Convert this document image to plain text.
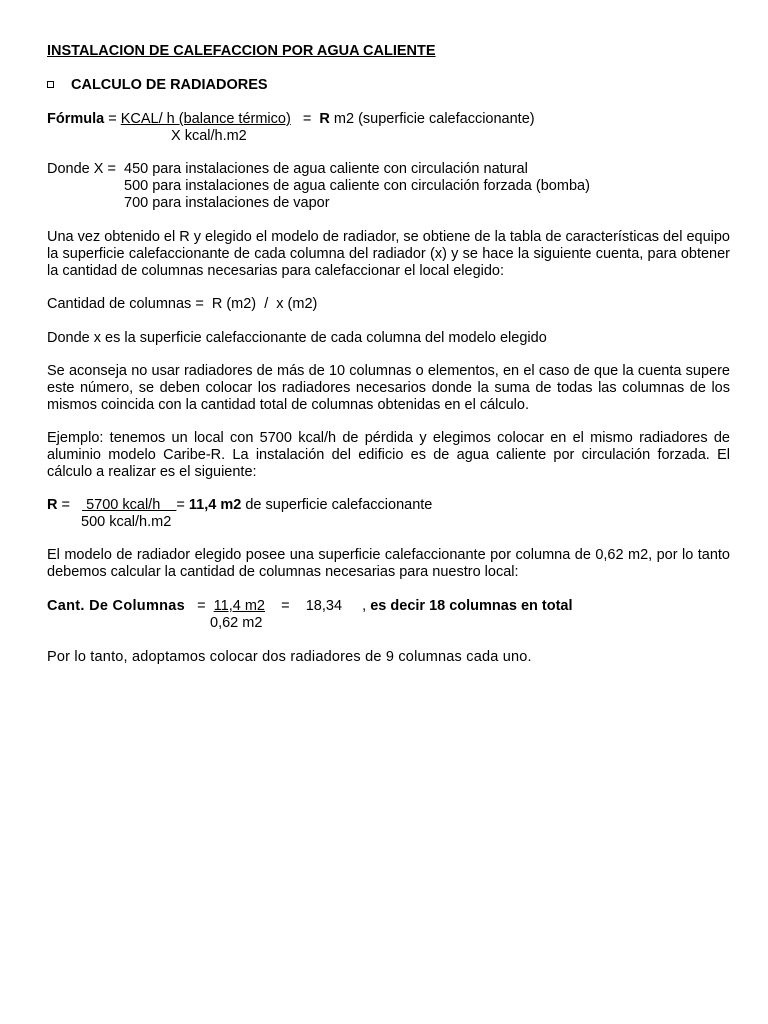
INSTALACION DE CALEFACCION POR AGUA CALIENTE
CALCULO DE RADIADORES
Fórmula = KCAL/ h (balance térmico) = R m2 (superficie calefaccionante)
X kcal/h.m2
Donde X = 450 para instalaciones de agua caliente con circulación natural
500 para instalaciones de agua caliente con circulación forzada (bomba)
700 para instalaciones de vapor
Una vez obtenido el R y elegido el modelo de radiador, se obtiene de la tabla de características del equipo la superficie calefaccionante de cada columna del radiador (x) y se hace la siguiente cuenta, para obtener la cantidad de columnas necesarias para calefaccionar el local elegido:
Cantidad de columnas =  R (m2)  /  x (m2)
Donde x es la superficie calefaccionante de cada columna del modelo elegido
Se aconseja no usar radiadores de más de 10 columnas o elementos, en el caso de que la cuenta supere este número, se deben colocar los radiadores necesarios donde la suma de todas las columnas de los mismos coincida con la cantidad total de columnas obtenidas en el cálculo.
Ejemplo: tenemos un local con 5700 kcal/h de pérdida y elegimos colocar en el mismo radiadores de aluminio modelo Caribe-R. La instalación del edificio es de agua caliente por circulación forzada. El cálculo a realizar es el siguiente:
R =    5700 kcal/h    = 11,4 m2 de superficie calefaccionante
500 kcal/h.m2
El modelo de radiador elegido posee una superficie calefaccionante por columna de 0,62 m2, por lo tanto debemos calcular la cantidad de columnas necesarias para nuestro local:
Cant. De Columnas = 11,4 m2 = 18,34 , es decir 18 columnas en total
0,62 m2
Por lo tanto, adoptamos colocar dos radiadores de 9 columnas cada uno.
